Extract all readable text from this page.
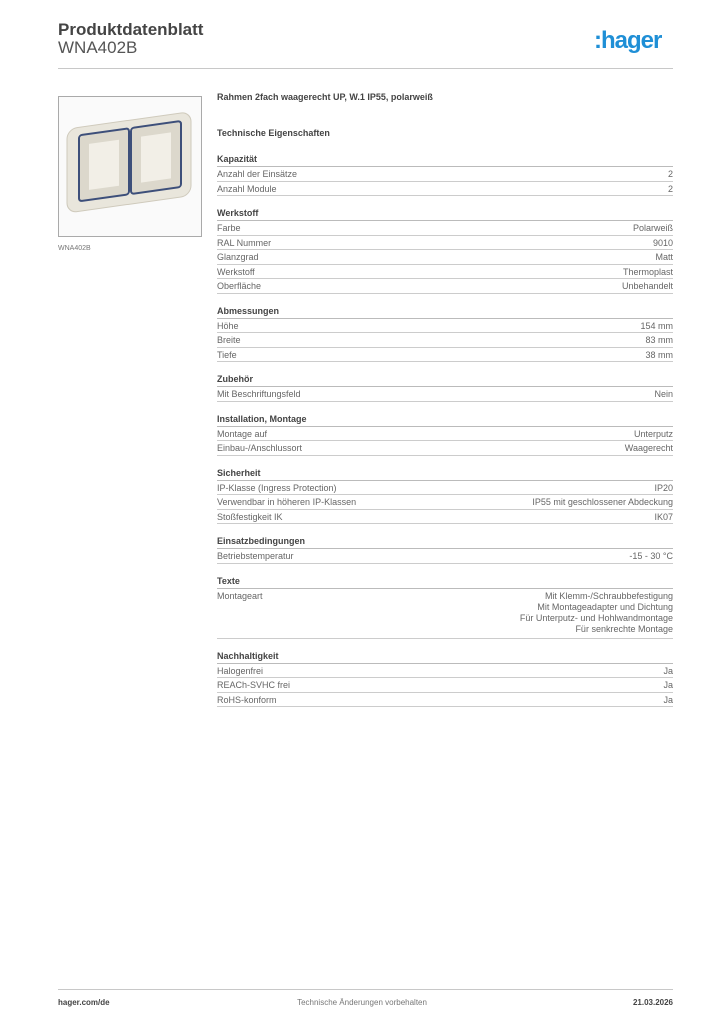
Produktdatenblatt
WNA402B	:hager
WNA402B
Rahmen 2fach waagerecht UP, W.1 IP55, polarweiß
Technische Eigenschaften
Kapazität
Anzahl der Einsätze	2
Anzahl Module	2
Werkstoff
Farbe	Polarweiß
RAL Nummer	9010
Glanzgrad	Matt
Werkstoff	Thermoplast
Oberfläche	Unbehandelt
Abmessungen
Höhe	154 mm
Breite	83 mm
Tiefe	38 mm
Zubehör
Mit Beschriftungsfeld	Nein
Installation, Montage
Montage auf	Unterputz
Einbau-/Anschlussort	Waagerecht
Sicherheit
IP-Klasse (Ingress Protection)	IP20
Verwendbar in höheren IP-Klassen	IP55 mit geschlossener Abdeckung
Stoßfestigkeit IK	IK07
Einsatzbedingungen
Betriebstemperatur	-15 - 30 °C
Texte
Montageart	Mit Klemm-/Schraubbefestigung
Mit Montageadapter und Dichtung
Für Unterputz- und Hohlwandmontage
Für senkrechte Montage
Nachhaltigkeit
Halogenfrei	Ja
REACh-SVHC frei	Ja
RoHS-konform	Ja
hager.com/de	Technische Änderungen vorbehalten	21.03.2026
